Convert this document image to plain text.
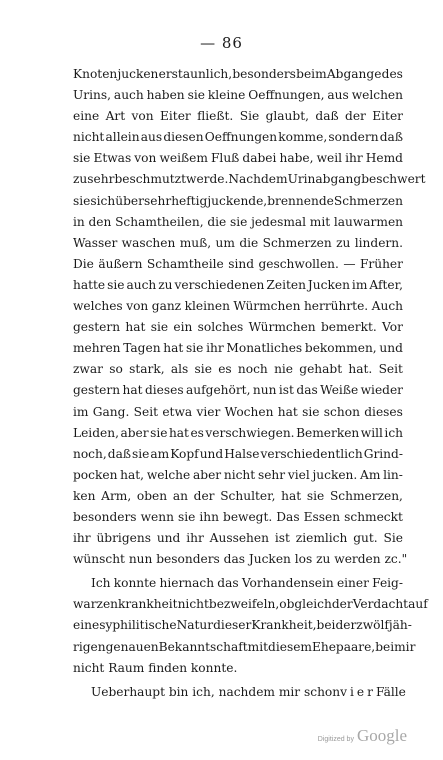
— 86
Knoten jucken erstaunlich, besonders beim Abgange des
Urins, auch haben sie kleine Oeffnungen, aus welchen
eine Art von Eiter fließt. Sie glaubt, daß der Eiter
nicht allein aus diesen Oeffnungen komme, sondern daß
sie Etwas von weißem Fluß dabei habe, weil ihr Hemd
zu sehr beschmutzt werde. Nach dem Urinabgang beschwert
sie sich über sehr heftig juckende, brennende Schmerzen
in den Schamtheilen, die sie jedesmal mit lauwarmen
Wasser waschen muß, um die Schmerzen zu lindern.
Die äußern Schamtheile sind geschwollen. — Früher
hatte sie auch zu verschiedenen Zeiten Jucken im After,
welches von ganz kleinen Würmchen herrührte. Auch
gestern hat sie ein solches Würmchen bemerkt. Vor
mehren Tagen hat sie ihr Monatliches bekommen, und
zwar so stark, als sie es noch nie gehabt hat. Seit
gestern hat dieses aufgehört, nun ist das Weiße wieder
im Gang. Seit etwa vier Wochen hat sie schon dieses
Leiden, aber sie hat es verschwiegen. Bemerken will ich
noch, daß sie am Kopf und Halse verschiedentlich Grind-
pocken hat, welche aber nicht sehr viel jucken. Am lin-
ken Arm, oben an der Schulter, hat sie Schmerzen,
besonders wenn sie ihn bewegt. Das Essen schmeckt
ihr übrigens und ihr Aussehen ist ziemlich gut. Sie
wünscht nun besonders das Jucken los zu werden zc."
Ich konnte hiernach das Vorhandensein einer Feig-
warzenkrankheit nicht bezweifeln, obgleich der Verdacht auf
eine syphilitische Natur dieser Krankheit, bei der zwölfjäh-
rigen genauen Bekanntschaft mit diesem Ehepaare, bei mir
nicht Raum finden konnte.
Ueberhaupt bin ich, nachdem mir schon vier Fälle
Digitized by Google
